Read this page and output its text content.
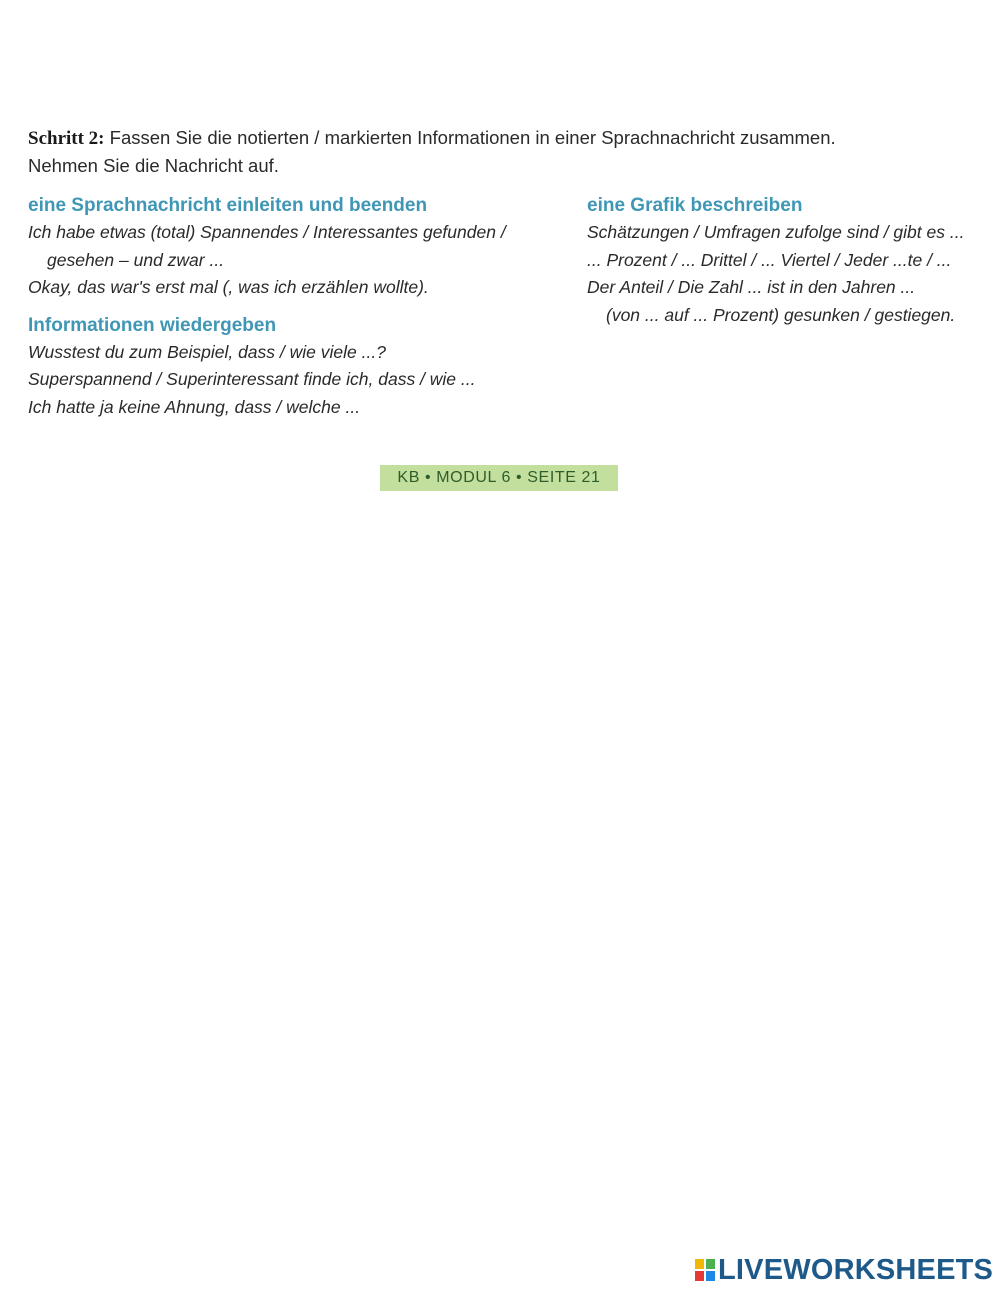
Schritt 2: Fassen Sie die notierten / markierten Informationen in einer Sprachnachricht zusammen.
Nehmen Sie die Nachricht auf.

eine Sprachnachricht einleiten und beenden

Ich habe etwas (total) Spannendes / Interessantes gefunden /

gesehen – und zwar ...

Okay, das war's erst mal (, was ich erzählen wollte).

Informationen wiedergeben

Wusstest du zum Beispiel, dass / wie viele ...?

Superspannend / Superinteressant finde ich, dass / wie ...

Ich hatte ja keine Ahnung, dass / welche ...

eine Grafik beschreiben

Schätzungen / Umfragen zufolge sind / gibt es ...

... Prozent / ... Drittel / ... Viertel / Jeder ...te / ...

Der Anteil / Die Zahl ... ist in den Jahren ...

(von ... auf ... Prozent) gesunken / gestiegen.

KB • MODUL 6 • SEITE 21
LIVEWORKSHEETS
